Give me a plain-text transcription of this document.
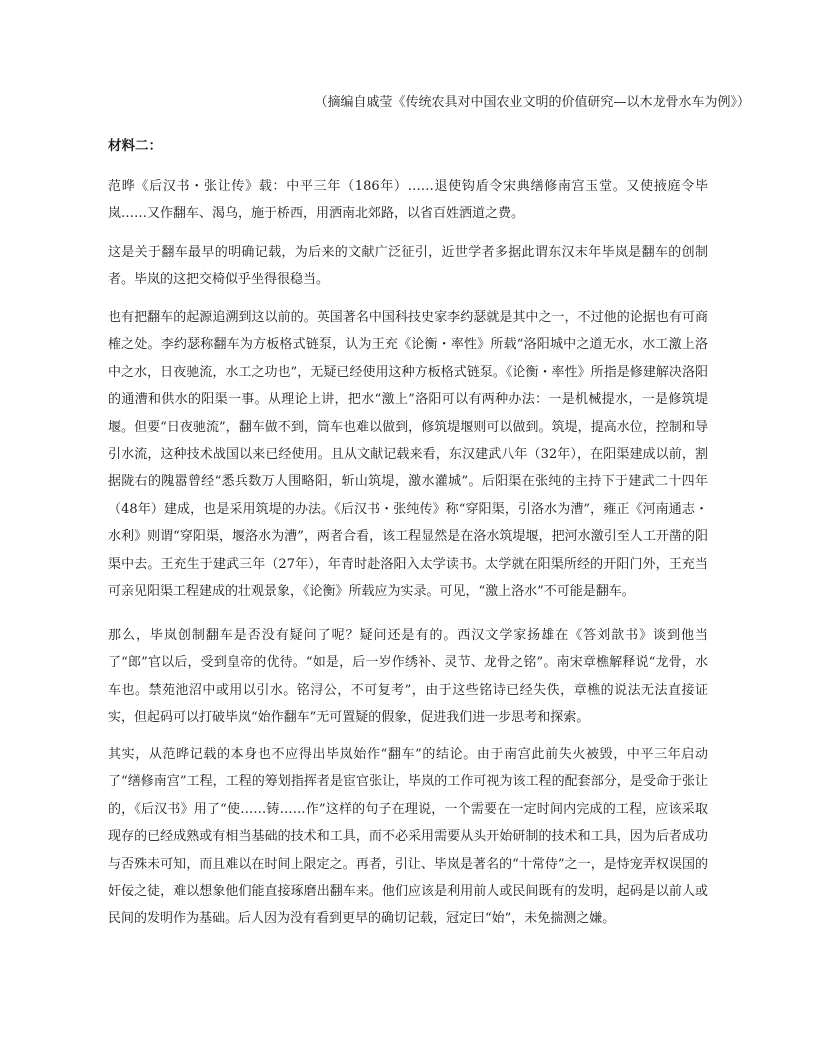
（摘编自戚莹《传统农具对中国农业文明的价值研究—以木龙骨水车为例》）
材料二：

范晔《后汉书・张让传》载：中平三年（186年）……退使钩盾令宋典缮修南宫玉堂。又使掖庭令毕岚……又作翻车、渴乌，施于桥西，用洒南北郊路，以省百姓洒道之费。

这是关于翻车最早的明确记载，为后来的文献广泛征引，近世学者多据此谓东汉末年毕岚是翻车的创制者。毕岚的这把交椅似乎坐得很稳当。

也有把翻车的起源追溯到这以前的。英国著名中国科技史家李约瑟就是其中之一，不过他的论据也有可商榷之处。李约瑟称翻车为方板格式链泵，认为王充《论衡・率性》所载“洛阳城中之道无水，水工激上洛中之水，日夜驰流，水工之功也”，无疑已经使用这种方板格式链泵。《论衡・率性》所指是修建解决洛阳的通漕和供水的阳渠一事。从理论上讲，把水“激上”洛阳可以有两种办法：一是机械提水，一是修筑堤堰。但要“日夜驰流”，翻车做不到，筒车也难以做到，修筑堤堰则可以做到。筑堤，提高水位，控制和导引水流，这种技术战国以来已经使用。且从文献记载来看，东汉建武八年（32年），在阳渠建成以前，割据陇右的隗嚣曾经“悉兵数万人围略阳，斩山筑堤，激水灌城”。后阳渠在张纯的主持下于建武二十四年（48年）建成，也是采用筑堤的办法。《后汉书・张纯传》称“穿阳渠，引洛水为漕”，雍正《河南通志・水利》则谓“穿阳渠，堰洛水为漕”，两者合看，该工程显然是在洛水筑堤堰，把河水激引至人工开凿的阳渠中去。王充生于建武三年（27年），年青时赴洛阳入太学读书。太学就在阳渠所经的开阳门外，王充当可亲见阳渠工程建成的壮观景象，《论衡》所载应为实录。可见，“激上洛水”不可能是翻车。

那么，毕岚创制翻车是否没有疑问了呢？疑问还是有的。西汉文学家扬雄在《答刘歆书》谈到他当了“郎”官以后，受到皇帝的优待。“如是，后一岁作绣补、灵节、龙骨之铭”。南宋章樵解释说“龙骨，水车也。禁苑池沼中或用以引水。铭浔公，不可复考”，由于这些铭诗已经失佚，章樵的说法无法直接证实，但起码可以打破毕岚“始作翻车”无可置疑的假象，促进我们进一步思考和探索。

其实，从范晔记载的本身也不应得出毕岚始作“翻车”的结论。由于南宫此前失火被毁，中平三年启动了“缮修南宫”工程，工程的筹划指挥者是宦官张让，毕岚的工作可视为该工程的配套部分，是受命于张让的，《后汉书》用了“使……铸……作”这样的句子在理说，一个需要在一定时间内完成的工程，应该采取现存的已经成熟或有相当基础的技术和工具，而不必采用需要从头开始研制的技术和工具，因为后者成功与否殊未可知，而且难以在时间上限定之。再者，引让、毕岚是著名的“十常侍”之一，是恃宠弄权误国的奸佞之徒，难以想象他们能直接琢磨出翻车来。他们应该是利用前人或民间既有的发明，起码是以前人或民间的发明作为基础。后人因为没有看到更早的确切记载，冠定曰“始”，未免揣测之嫌。
